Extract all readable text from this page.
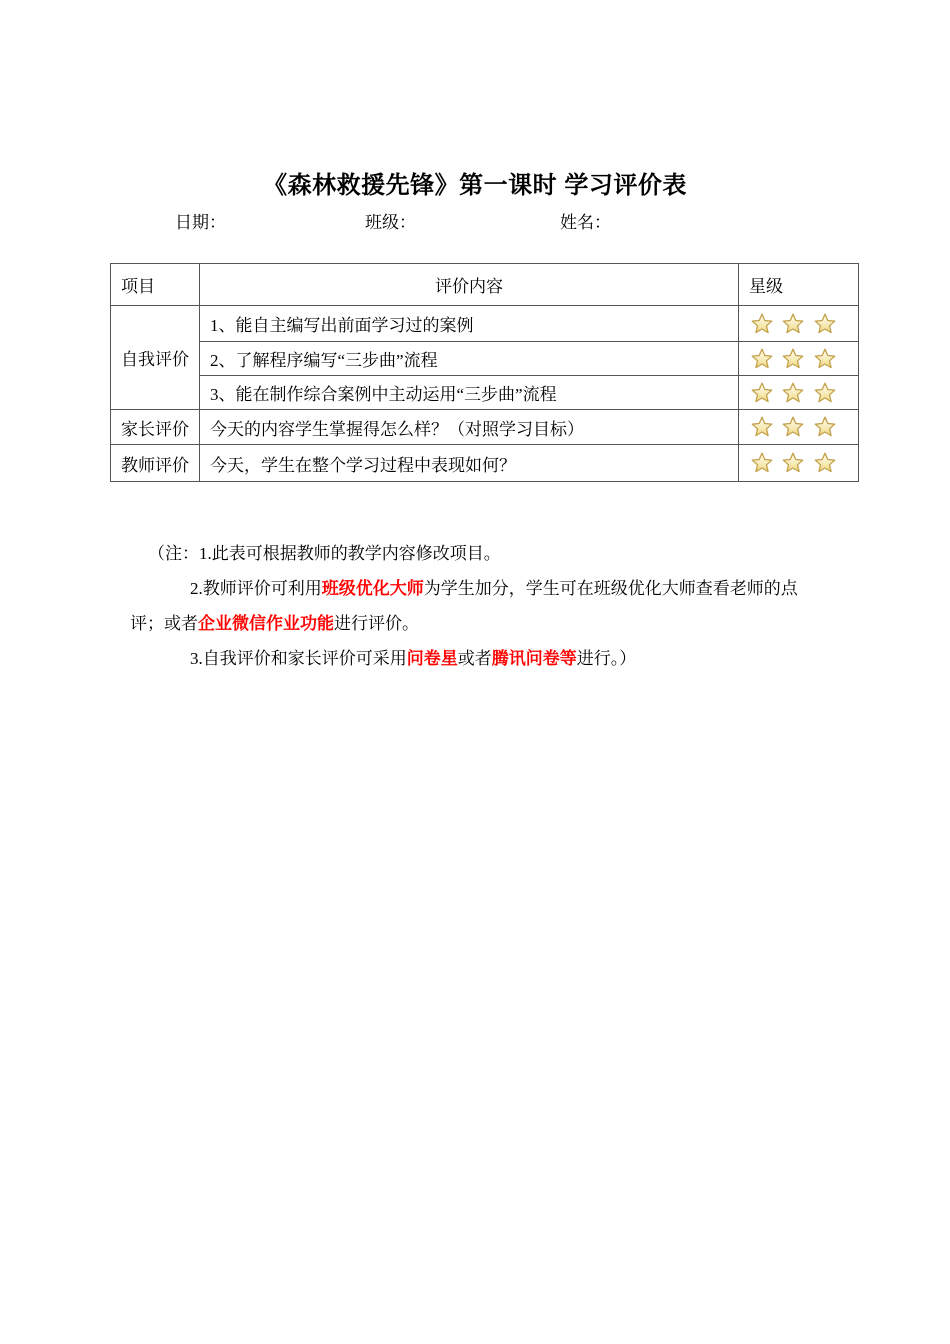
《森林救援先锋》第一课时 学习评价表
日期：	班级：	姓名：
项目	评价内容	星级
自我评价	1、能自主编写出前面学习过的案例	
	2、了解程序编写“三步曲”流程	
	3、能在制作综合案例中主动运用“三步曲”流程	
家长评价	今天的内容学生掌握得怎么样？（对照学习目标）	
教师评价	今天，学生在整个学习过程中表现如何？	

（注：1.此表可根据教师的教学内容修改项目。

2.教师评价可利用班级优化大师为学生加分，学生可在班级优化大师查看老师的点评；或者企业微信作业功能进行评价。

3.自我评价和家长评价可采用问卷星或者腾讯问卷等进行。）
